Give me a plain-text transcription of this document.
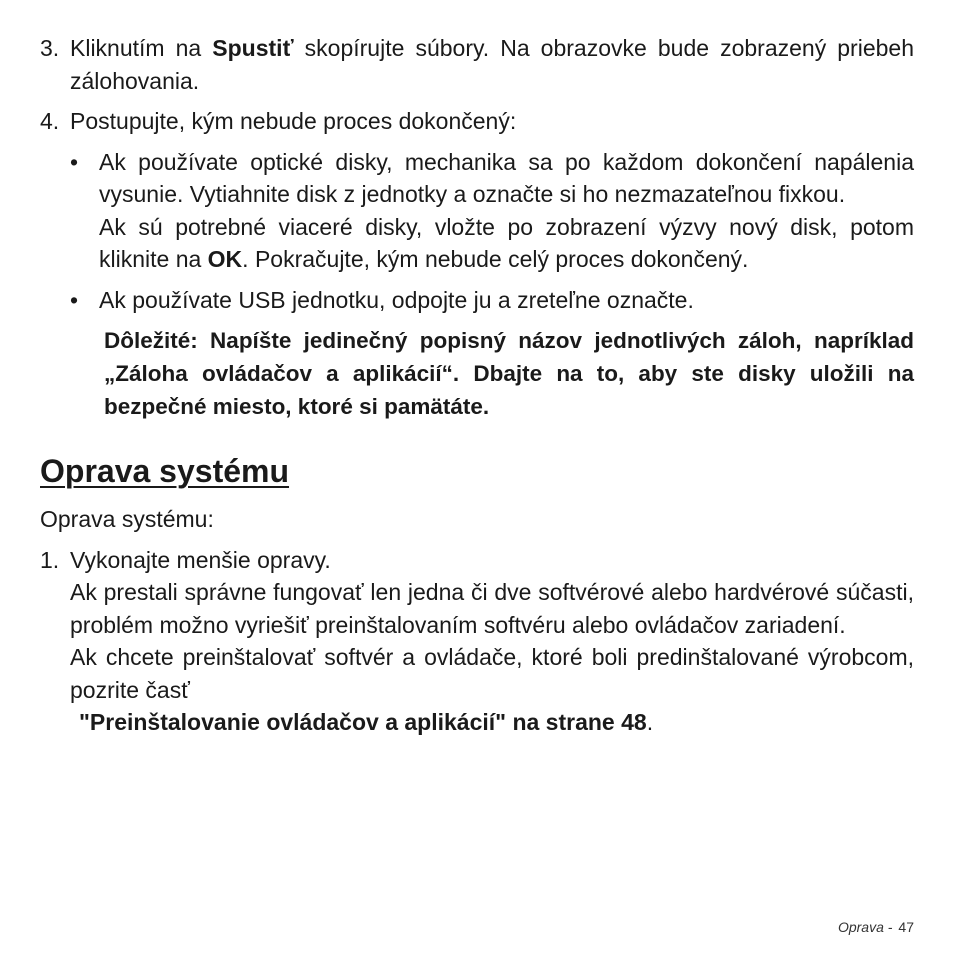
3. Kliknutím na Spustiť skopírujte súbory. Na obrazovke bude zobrazený priebeh zálohovania.
4. Postupujte, kým nebude proces dokončený:
• Ak používate optické disky, mechanika sa po každom dokončení napálenia vysunie. Vytiahnite disk z jednotky a označte si ho nezmazateľnou fixkou.

Ak sú potrebné viaceré disky, vložte po zobrazení výzvy nový disk, potom kliknite na OK. Pokračujte, kým nebude celý proces dokončený.

• Ak používate USB jednotku, odpojte ju a zreteľne označte.
Dôležité: Napíšte jedinečný popisný názov jednotlivých záloh, napríklad „Záloha ovládačov a aplikácií“. Dbajte na to, aby ste disky uložili na bezpečné miesto, ktoré si pamätáte.
Oprava systému

Oprava systému:

1. Vykonajte menšie opravy.

Ak prestali správne fungovať len jedna či dve softvérové alebo hardvérové súčasti, problém možno vyriešiť preinštalovaním softvéru alebo ovládačov zariadení.

Ak chcete preinštalovať softvér a ovládače, ktoré boli predinštalované výrobcom, pozrite časť

"Preinštalovanie ovládačov a aplikácií" na strane 48.

Oprava - 47
